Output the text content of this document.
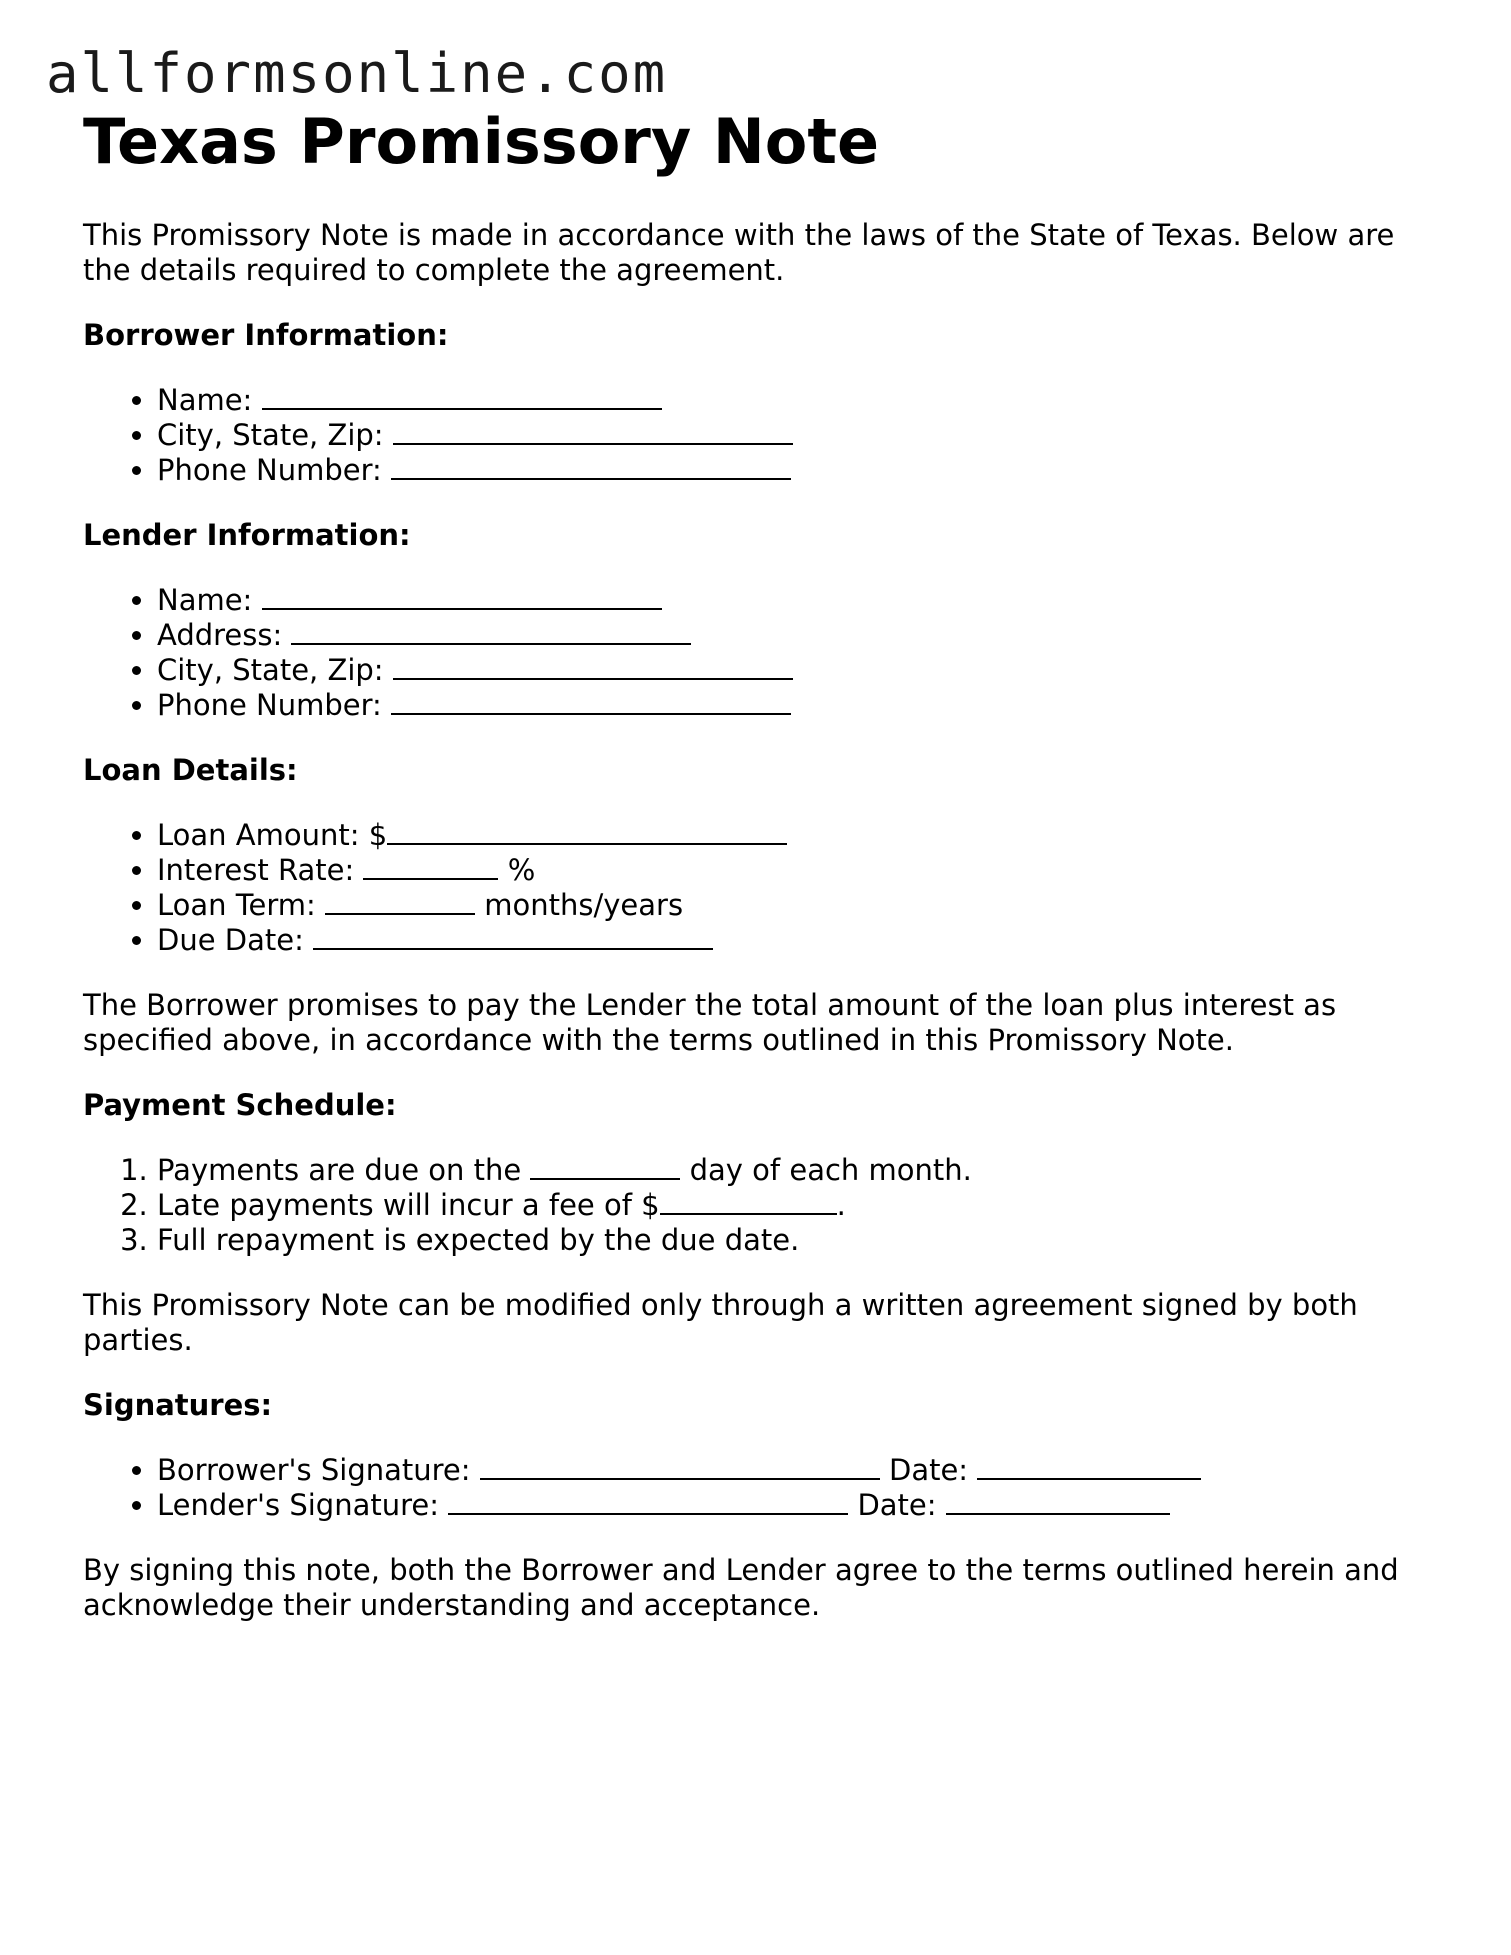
allformsonline.com
Texas Promissory Note

This Promissory Note is made in accordance with the laws of the State of Texas. Below are the details required to complete the agreement.

Borrower Information:
• Name:
• City, State, Zip:
• Phone Number:
Lender Information:
• Name:
• Address:
• City, State, Zip:
• Phone Number:
Loan Details:
• Loan Amount: $
• Interest Rate:	%
• Loan Term:	months/years
• Due Date:

The Borrower promises to pay the Lender the total amount of the loan plus interest as specified above, in accordance with the terms outlined in this Promissory Note.

Payment Schedule:
1. Payments are due on the	day of each month.
2. Late payments will incur a fee of $	.
3. Full repayment is expected by the due date.

This Promissory Note can be modified only through a written agreement signed by both parties.

Signatures:
• Borrower's Signature:	Date:
• Lender's Signature:	Date:

By signing this note, both the Borrower and Lender agree to the terms outlined herein and acknowledge their understanding and acceptance.
